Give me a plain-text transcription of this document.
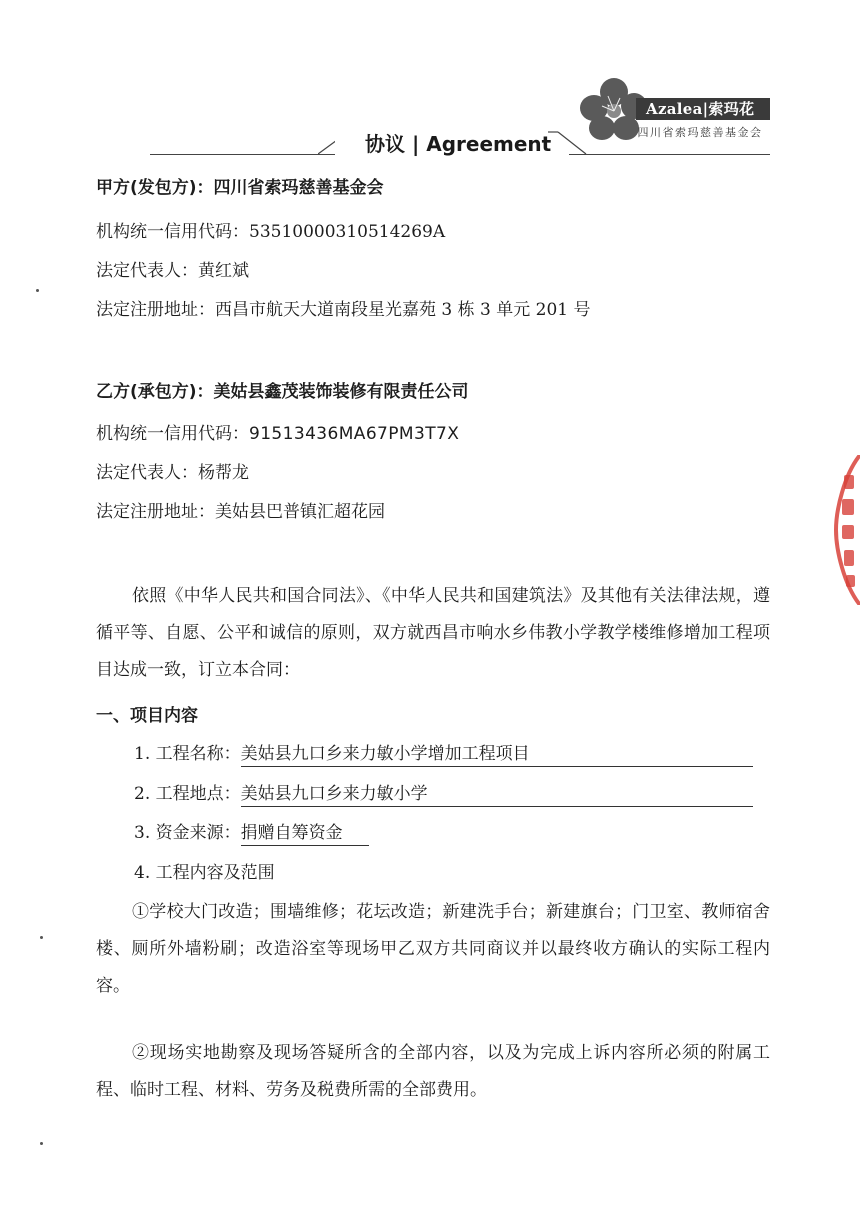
Azalea|索玛花
四川省索玛慈善基金会
协议 | Agreement
甲方(发包方)：四川省索玛慈善基金会
机构统一信用代码：53510000310514269A
法定代表人：黄红斌
法定注册地址：西昌市航天大道南段星光嘉苑 3 栋 3 单元 201 号
乙方(承包方)：美姑县鑫茂装饰装修有限责任公司
机构统一信用代码：91513436MA67PM3T7X
法定代表人：杨帮龙
法定注册地址：美姑县巴普镇汇超花园
依照《中华人民共和国合同法》、《中华人民共和国建筑法》及其他有关法律法规，遵循平等、自愿、公平和诚信的原则，双方就西昌市响水乡伟教小学教学楼维修增加工程项目达成一致，订立本合同：
一、项目内容
1. 工程名称：美姑县九口乡来力敏小学增加工程项目
2. 工程地点：美姑县九口乡来力敏小学
3. 资金来源：捐赠自筹资金
4. 工程内容及范围
①学校大门改造；围墙维修；花坛改造；新建洗手台；新建旗台；门卫室、教师宿舍楼、厕所外墙粉刷；改造浴室等现场甲乙双方共同商议并以最终收方确认的实际工程内容。
②现场实地勘察及现场答疑所含的全部内容，以及为完成上诉内容所必须的附属工程、临时工程、材料、劳务及税费所需的全部费用。
